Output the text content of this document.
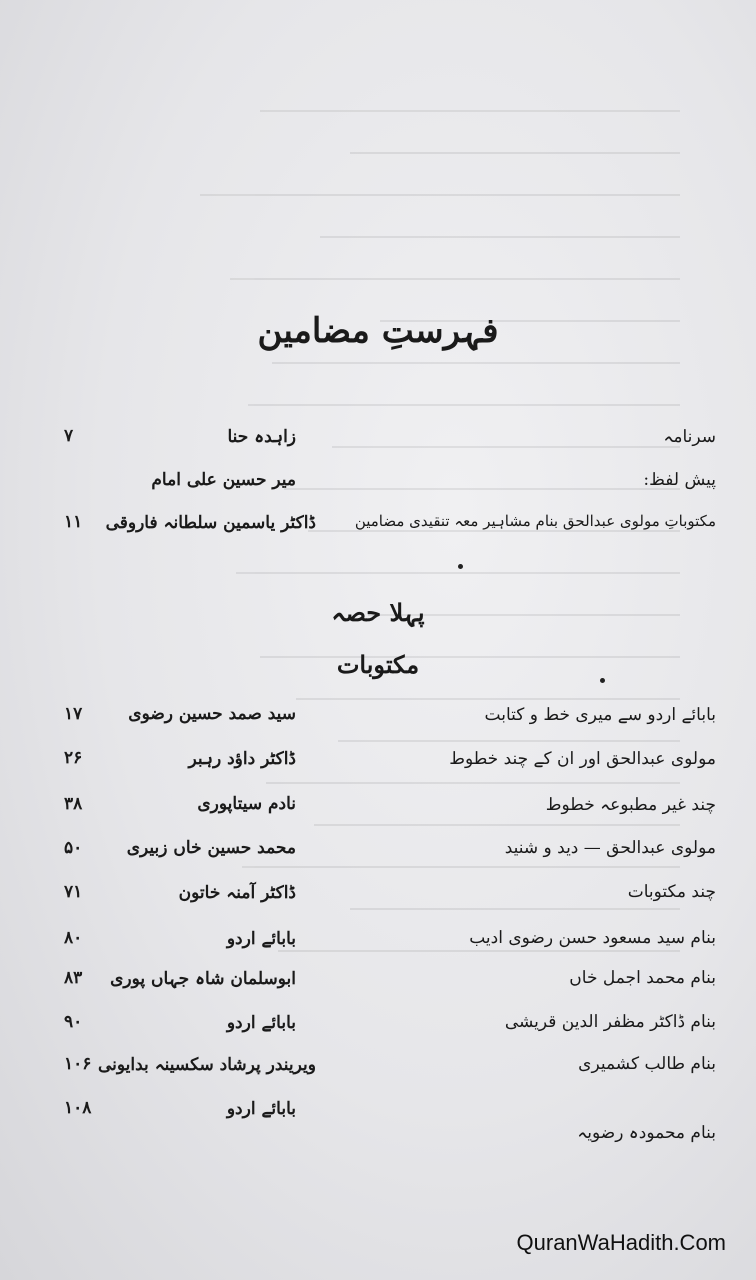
فہرستِ مضامین
سرنامہ
زاہدہ حنا
۷
پیش لفظ:
میر حسین علی امام
مکتوباتِ مولوی عبدالحق بنام مشاہیر معہ تنقیدی مضامین
ڈاکٹر یاسمین سلطانہ فاروقی
۱۱
پہلا حصہ
مکتوبات
بابائے اردو سے میری خط و کتابت
سید صمد حسین رضوی
۱۷
مولوی عبدالحق اور ان کے چند خطوط
ڈاکٹر داؤد رہبر
۲۶
چند غیر مطبوعہ خطوط
نادم سیتاپوری
۳۸
مولوی عبدالحق — دید و شنید
محمد حسین خاں زبیری
۵۰
چند مکتوبات
ڈاکٹر آمنہ خاتون
۷۱
بنام سید مسعود حسن رضوی ادیب
بابائے اردو
۸۰
بنام محمد اجمل خاں
ابوسلمان شاہ جہاں پوری
۸۳
بنام ڈاکٹر مظفر الدین قریشی
بابائے اردو
۹۰
بنام طالب کشمیری
ویریندر پرشاد سکسینہ بدایونی
۱۰۶
بنام محمودہ رضویہ
بابائے اردو
۱۰۸
QuranWaHadith.Com
